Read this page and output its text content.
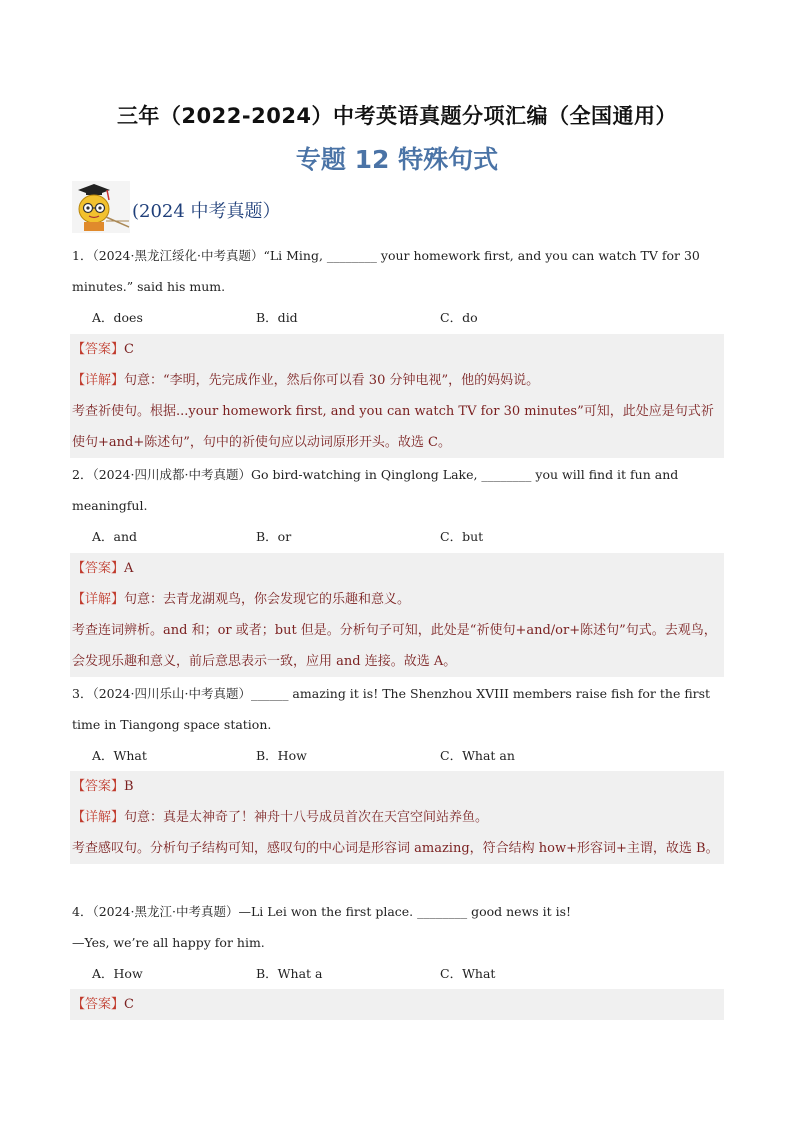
三年（2022-2024）中考英语真题分项汇编（全国通用）
专题 12 特殊句式
(2024 中考真题）
1．（2024·黑龙江绥化·中考真题）“Li Ming, ________ your homework first, and you can watch TV for 30 minutes.” said his mum.
A．does	B．did	C．do
【答案】C
【详解】句意：“李明，先完成作业，然后你可以看 30 分钟电视”，他的妈妈说。
考查祈使句。根据...your homework first, and you can watch TV for 30 minutes”可知，此处应是句式祈使句+and+陈述句”，句中的祈使句应以动词原形开头。故选 C。
2．（2024·四川成都·中考真题）Go bird-watching in Qinglong Lake, ________ you will find it fun and meaningful.
A．and	B．or	C．but
【答案】A
【详解】句意：去青龙湖观鸟，你会发现它的乐趣和意义。
考查连词辨析。and 和；or 或者；but 但是。分析句子可知，此处是“祈使句+and/or+陈述句”句式。去观鸟，会发现乐趣和意义，前后意思表示一致，应用 and 连接。故选 A。
3．（2024·四川乐山·中考真题）______ amazing it is! The Shenzhou XVIII members raise fish for the first time in Tiangong space station.
A．What	B．How	C．What an
【答案】B
【详解】句意：真是太神奇了！神舟十八号成员首次在天宫空间站养鱼。
考查感叹句。分析句子结构可知，感叹句的中心词是形容词 amazing，符合结构 how+形容词+主谓，故选 B。
4．（2024·黑龙江·中考真题）—Li Lei won the first place. ________ good news it is!
—Yes, we’re all happy for him.
A．How	B．What a	C．What
【答案】C
